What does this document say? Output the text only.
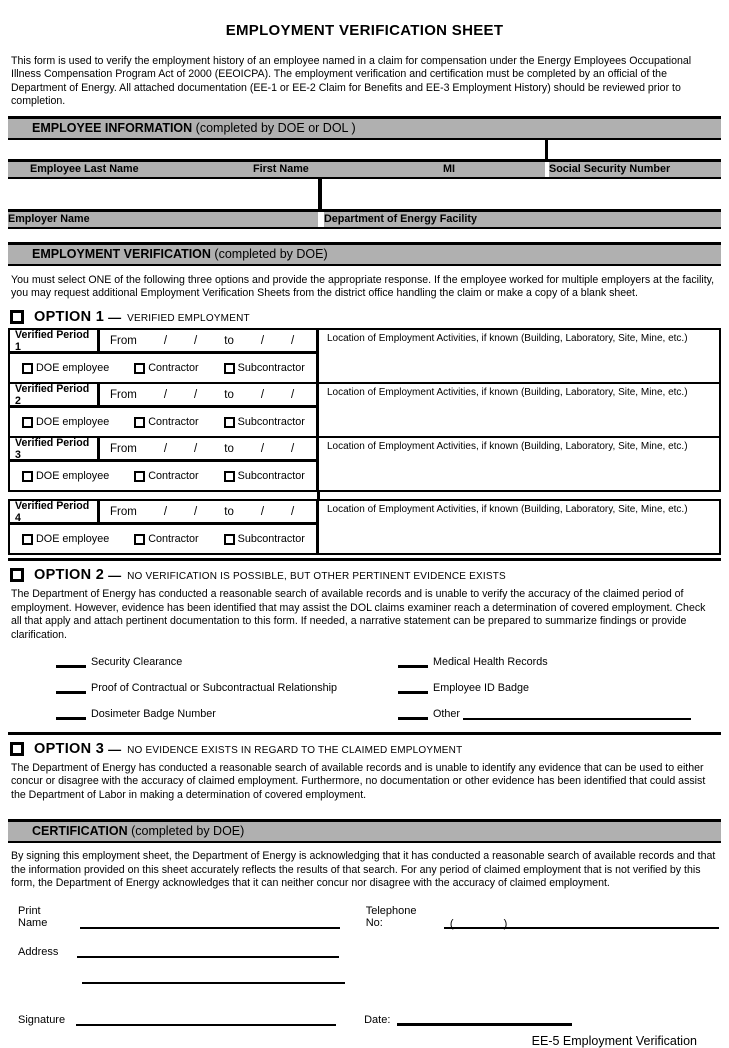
EMPLOYMENT VERIFICATION SHEET

This form is used to verify the employment history of an employee named in a claim for compensation under the Energy Employees Occupational Illness Compensation Program Act of 2000 (EEOICPA). The employment verification and certification must be completed by an official of the Department of Energy. All attached documentation (EE-1 or EE-2 Claim for Benefits and EE-3 Employment History) should be reviewed prior to completion.

EMPLOYEE INFORMATION (completed by DOE or DOL )
Employee Last Name	First Name	MI	Social Security Number
Employer Name	Department of Energy Facility
EMPLOYMENT VERIFICATION (completed by DOE)

You must select ONE of the following three options and provide the appropriate response. If the employee worked for multiple employers at the facility, you may request additional Employment Verification Sheets from the district office handling the claim or make a copy of a blank sheet.

OPTION 1 — VERIFIED EMPLOYMENT
Verified Period 1	From / / to / /	Location of Employment Activities, if known (Building, Laboratory, Site, Mine, etc.)
DOE employee	Contractor	Subcontractor
Verified Period 2	From / / to / /	Location of Employment Activities, if known (Building, Laboratory, Site, Mine, etc.)
DOE employee	Contractor	Subcontractor
Verified Period 3	From / / to / /	Location of Employment Activities, if known (Building, Laboratory, Site, Mine, etc.)
DOE employee	Contractor	Subcontractor
Verified Period 4	From / / to / /	Location of Employment Activities, if known (Building, Laboratory, Site, Mine, etc.)
DOE employee	Contractor	Subcontractor
OPTION 2 — NO VERIFICATION IS POSSIBLE, BUT OTHER PERTINENT EVIDENCE EXISTS

The Department of Energy has conducted a reasonable search of available records and is unable to verify the accuracy of the claimed period of employment. However, evidence has been identified that may assist the DOL claims examiner reach a determination of covered employment. Check all that apply and attach pertinent documentation to this form. If needed, a narrative statement can be prepared to summarize findings or provide clarification.

Security Clearance	Medical Health Records
Proof of Contractual or Subcontractual Relationship	Employee ID Badge
Dosimeter Badge Number	Other
OPTION 3 — NO EVIDENCE EXISTS IN REGARD TO THE CLAIMED EMPLOYMENT

The Department of Energy has conducted a reasonable search of available records and is unable to identify any evidence that can be used to either concur or disagree with the accuracy of claimed employment. Furthermore, no documentation or other evidence has been identified that could assist the Department of Labor in making a determination of covered employment.

CERTIFICATION (completed by DOE)

By signing this employment sheet, the Department of Energy is acknowledging that it has conducted a reasonable search of available records and that the information provided on this sheet accurately reflects the results of that search. For any period of claimed employment that is not verified by this form, the Department of Energy acknowledges that it can neither concur nor disagree with the accuracy of claimed employment.

Print Name
Telephone No:	(	)
Address
Signature	Date:
EE-5 Employment Verification
